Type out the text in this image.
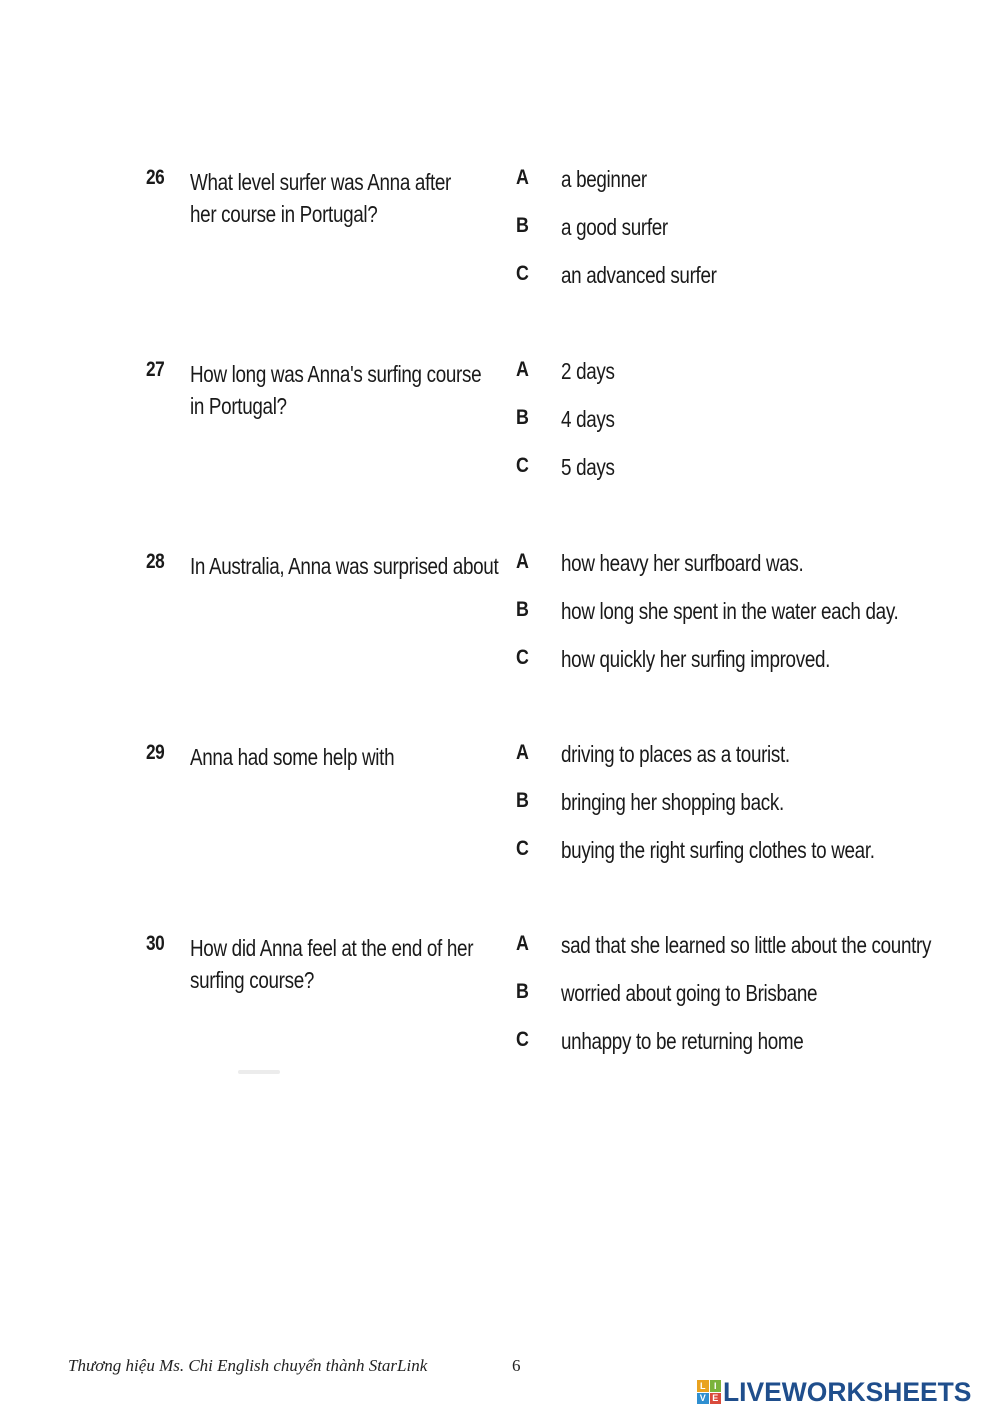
26 What level surfer was Anna after her course in Portugal?
A a beginner
B a good surfer
C an advanced surfer
27 How long was Anna's surfing course in Portugal?
A 2 days
B 4 days
C 5 days
28 In Australia, Anna was surprised about A how heavy her surfboard was.
B how long she spent in the water each day.
C how quickly her surfing improved.
29 Anna had some help with	A driving to places as a tourist.
B bringing her shopping back.
C buying the right surfing clothes to wear.
30 How did Anna feel at the end of her surfing course?
A sad that she learned so little about the country
B worried about going to Brisbane
C unhappy to be returning home
Thương hiệu Ms. Chi English chuyển thành StarLink	6
L I
V E LIVEWORKSHEETS
